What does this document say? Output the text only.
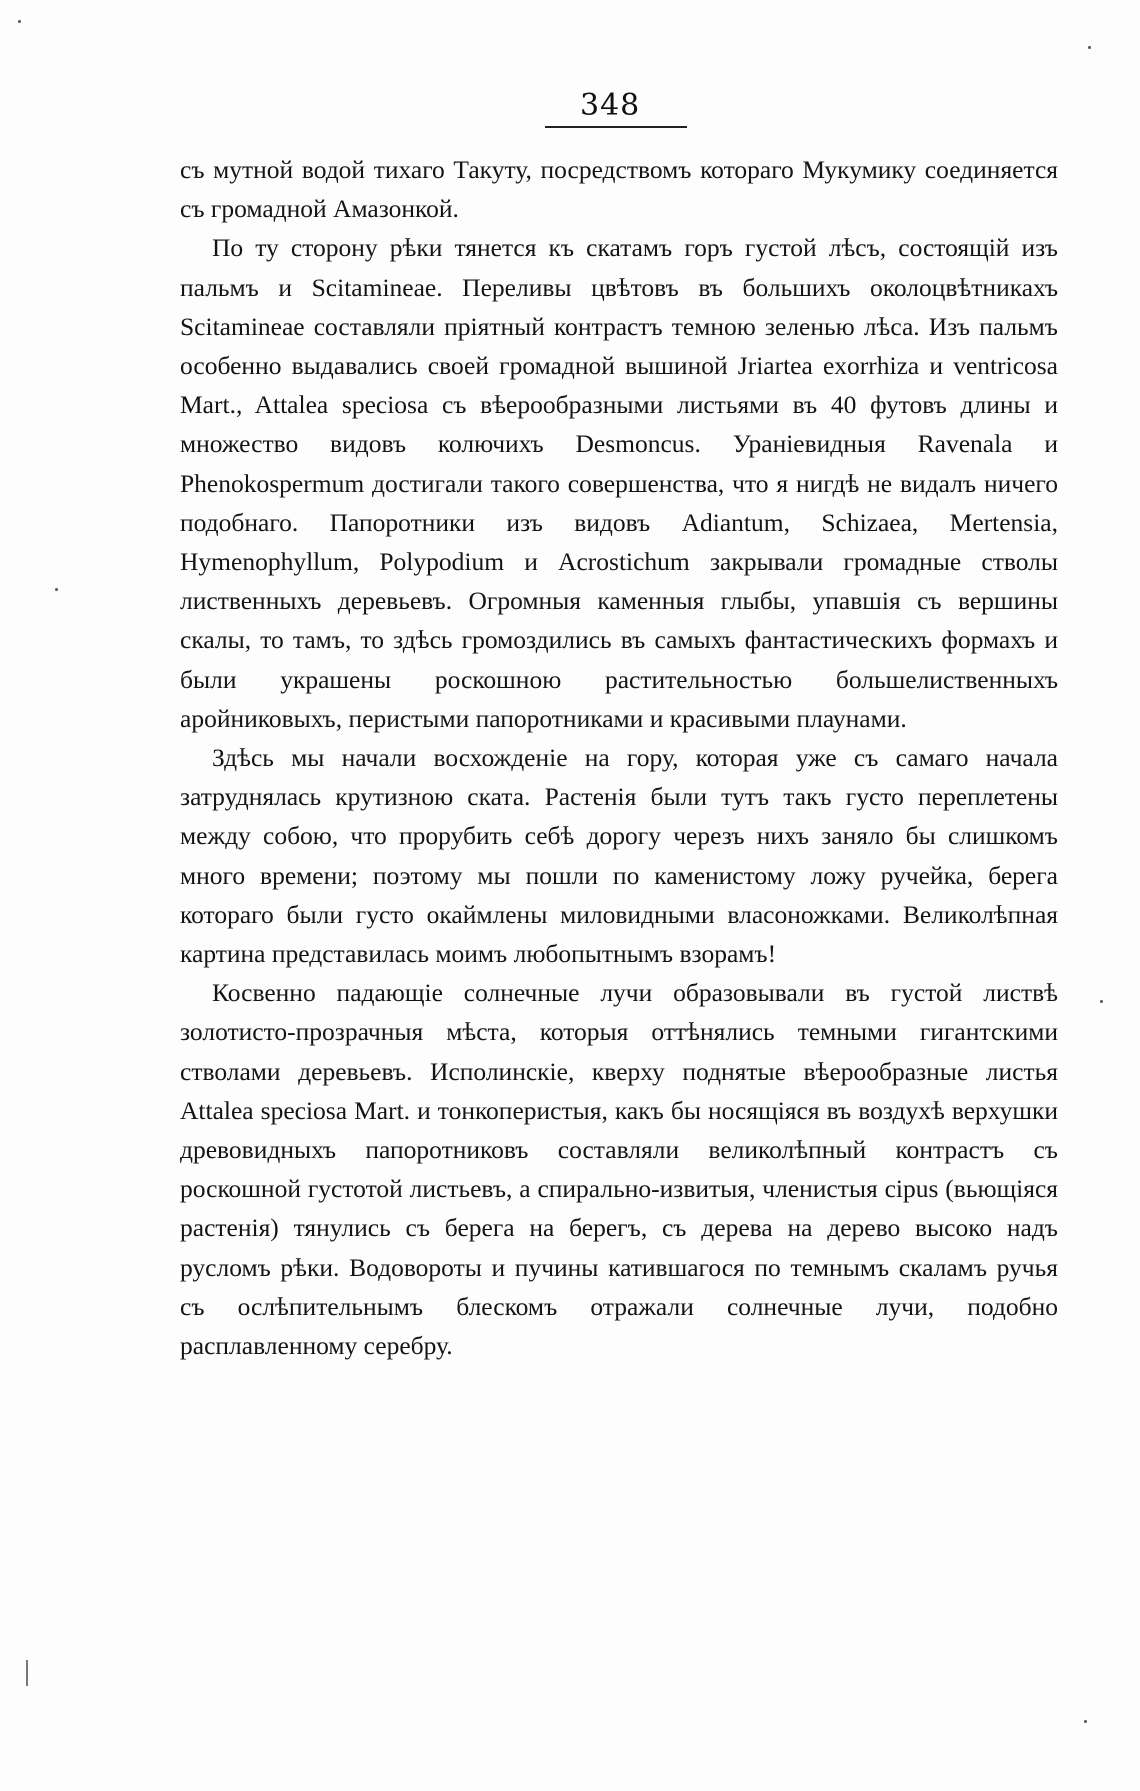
348

съ мутной водой тихаго Такуту, посредствомъ котораго Мукумику соединяется съ громадной Амазонкой.

По ту сторону рѣки тянется къ скатамъ горъ густой лѣсъ, состоящій изъ пальмъ и Scitamineae. Переливы цвѣтовъ въ большихъ околоцвѣтникахъ Scitamineae составляли пріятный контрастъ темною зеленью лѣса. Изъ пальмъ особенно выдавались своей громадной вышиной Jriartea exorrhiza и ventricosa Mart., Attalea speciosa съ вѣерообразными листьями въ 40 футовъ длины и множество видовъ колючихъ Desmoncus. Ураніевидныя Ravenala и Phenokospermum достигали такого совершенства, что я нигдѣ не видалъ ничего подобнаго. Папоротники изъ видовъ Adiantum, Schizaea, Mertensia, Hymenophyllum, Polypodium и Acrostichum закрывали громадные стволы лиственныхъ деревьевъ. Огромныя каменныя глыбы, упавшія съ вершины скалы, то тамъ, то здѣсь громоздились въ самыхъ фантастическихъ формахъ и были украшены роскошною растительностью большелиственныхъ аройниковыхъ, перистыми папоротниками и красивыми плаунами.

Здѣсь мы начали восхожденіе на гору, которая уже съ самаго начала затруднялась крутизною ската. Растенія были тутъ такъ густо переплетены между собою, что прорубить себѣ дорогу черезъ нихъ заняло бы слишкомъ много времени; поэтому мы пошли по каменистому ложу ручейка, берега котораго были густо окаймлены миловидными власоножками. Великолѣпная картина представилась моимъ любопытнымъ взорамъ!

Косвенно падающіе солнечные лучи образовывали въ густой листвѣ золотисто-прозрачныя мѣста, которыя оттѣнялись темными гигантскими стволами деревьевъ. Исполинскіе, кверху поднятые вѣерообразные листья Attalea speciosa Mart. и тонкоперистыя, какъ бы носящіяся въ воздухѣ верхушки древовидныхъ папоротниковъ составляли великолѣпный контрастъ съ роскошной густотой листьевъ, а спирально-извитыя, членистыя cipus (вьющіяся растенія) тянулись съ берега на берегъ, съ дерева на дерево высоко надъ русломъ рѣки. Водовороты и пучины катившагося по темнымъ скаламъ ручья съ ослѣпительнымъ блескомъ отражали солнечные лучи, подобно расплавленному серебру.
